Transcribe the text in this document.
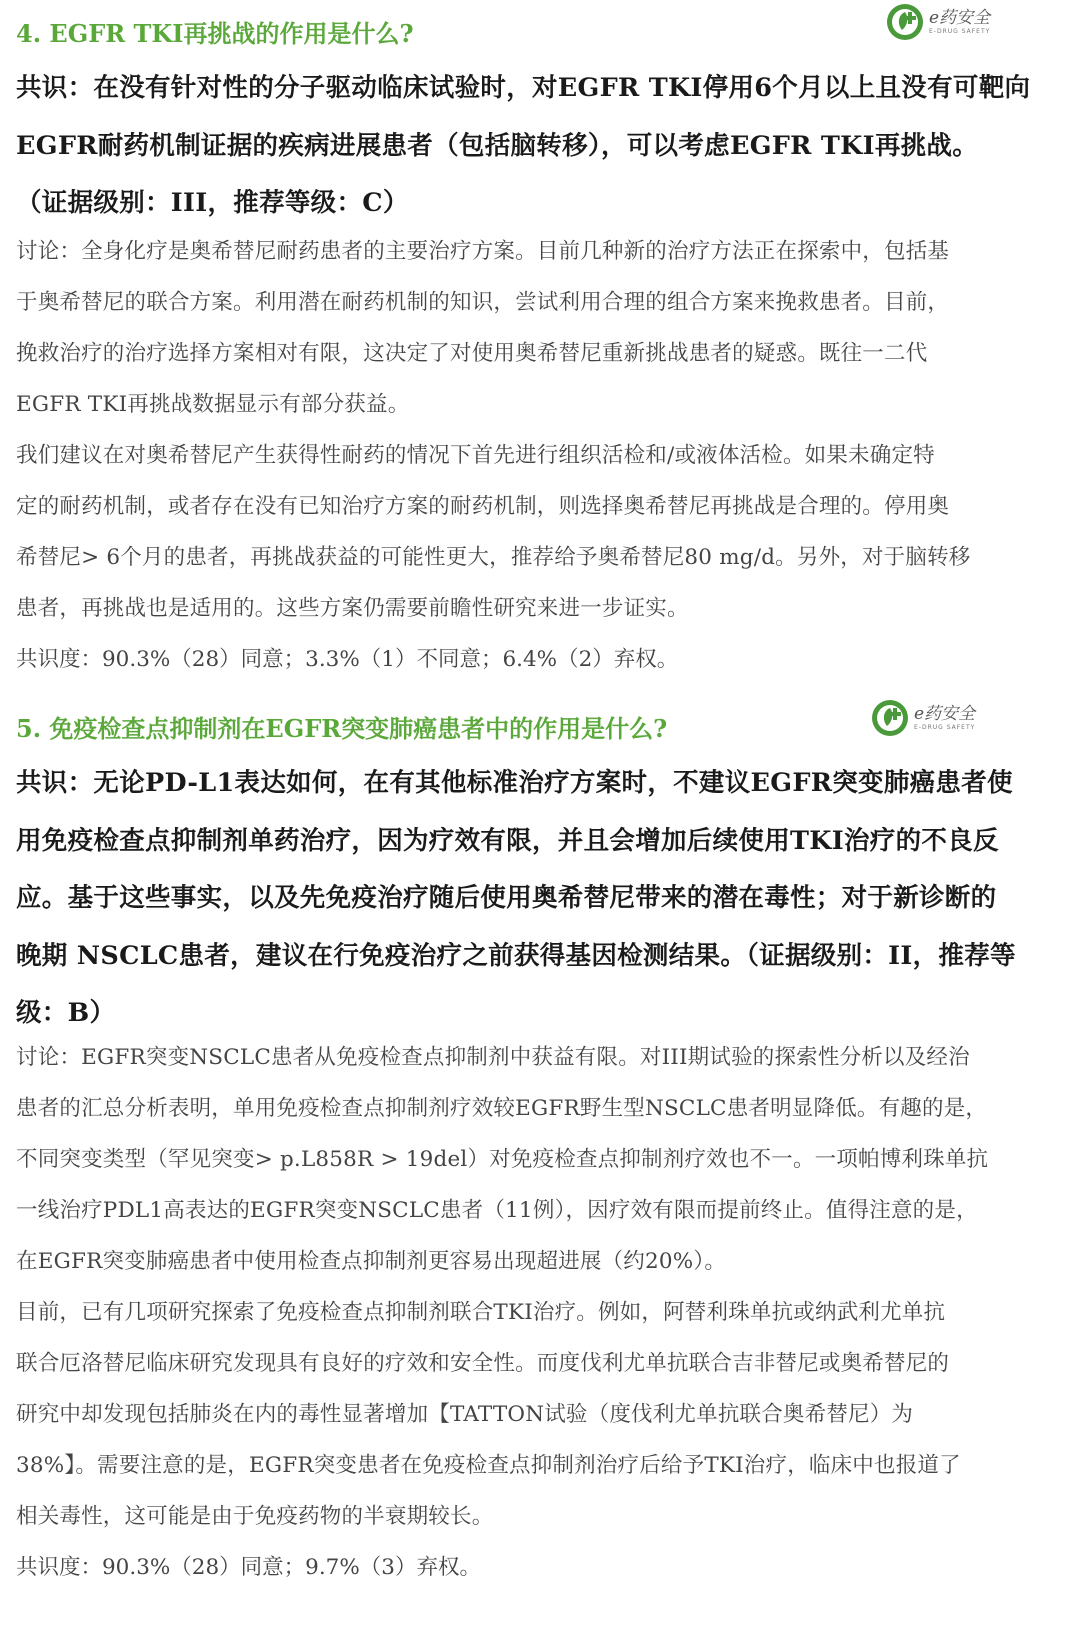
e药安全
E-DRUG SAFETY
4. EGFR TKI再挑战的作用是什么?

共识：在没有针对性的分子驱动临床试验时，对EGFR TKI停用6个月以上且没有可靶向

EGFR耐药机制证据的疾病进展患者（包括脑转移），可以考虑EGFR TKI再挑战。

（证据级别：III，推荐等级：C）

讨论：全身化疗是奥希替尼耐药患者的主要治疗方案。目前几种新的治疗方法正在探索中，包括基

于奥希替尼的联合方案。利用潜在耐药机制的知识，尝试利用合理的组合方案来挽救患者。目前，

挽救治疗的治疗选择方案相对有限，这决定了对使用奥希替尼重新挑战患者的疑惑。既往一二代

EGFR TKI再挑战数据显示有部分获益。

我们建议在对奥希替尼产生获得性耐药的情况下首先进行组织活检和/或液体活检。如果未确定特

定的耐药机制，或者存在没有已知治疗方案的耐药机制，则选择奥希替尼再挑战是合理的。停用奥

希替尼> 6个月的患者，再挑战获益的可能性更大，推荐给予奥希替尼80 mg/d。另外，对于脑转移

患者，再挑战也是适用的。这些方案仍需要前瞻性研究来进一步证实。

共识度：90.3%（28）同意；3.3%（1）不同意；6.4%（2）弃权。

e药安全
E-DRUG SAFETY
5. 免疫检查点抑制剂在EGFR突变肺癌患者中的作用是什么?

共识：无论PD-L1表达如何，在有其他标准治疗方案时，不建议EGFR突变肺癌患者使

用免疫检查点抑制剂单药治疗，因为疗效有限，并且会增加后续使用TKI治疗的不良反

应。基于这些事实，以及先免疫治疗随后使用奥希替尼带来的潜在毒性；对于新诊断的

晚期 NSCLC患者，建议在行免疫治疗之前获得基因检测结果。（证据级别：II，推荐等

级：B）

讨论：EGFR突变NSCLC患者从免疫检查点抑制剂中获益有限。对III期试验的探索性分析以及经治

患者的汇总分析表明，单用免疫检查点抑制剂疗效较EGFR野生型NSCLC患者明显降低。有趣的是，

不同突变类型（罕见突变> p.L858R > 19del）对免疫检查点抑制剂疗效也不一。一项帕博利珠单抗

一线治疗PDL1高表达的EGFR突变NSCLC患者（11例），因疗效有限而提前终止。值得注意的是，

在EGFR突变肺癌患者中使用检查点抑制剂更容易出现超进展（约20%）。

目前，已有几项研究探索了免疫检查点抑制剂联合TKI治疗。例如，阿替利珠单抗或纳武利尤单抗

联合厄洛替尼临床研究发现具有良好的疗效和安全性。而度伐利尤单抗联合吉非替尼或奥希替尼的

研究中却发现包括肺炎在内的毒性显著增加【TATTON试验（度伐利尤单抗联合奥希替尼）为

38%】。需要注意的是，EGFR突变患者在免疫检查点抑制剂治疗后给予TKI治疗，临床中也报道了

相关毒性，这可能是由于免疫药物的半衰期较长。

共识度：90.3%（28）同意；9.7%（3）弃权。
